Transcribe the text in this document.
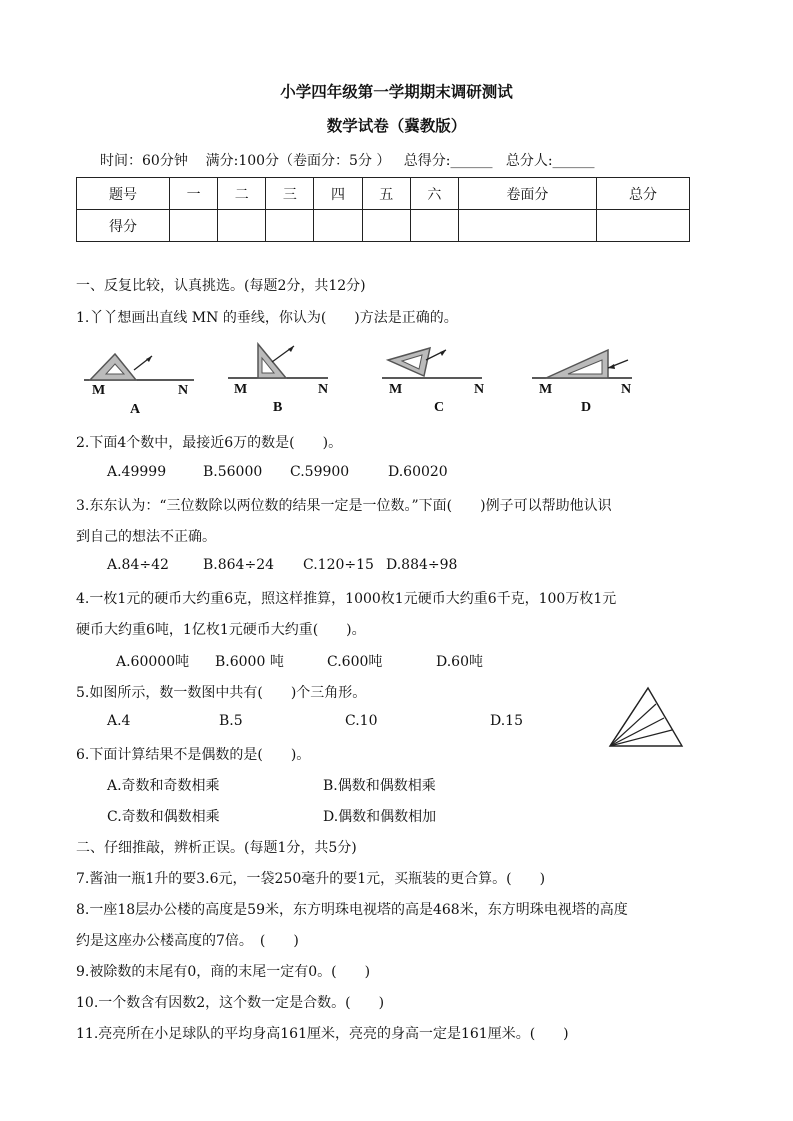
小学四年级第一学期期末调研测试
数学试卷（冀教版）
时间：60分钟    满分:100分（卷面分：5分 ）   总得分:______   总分人:______
题号	一	二	三	四	五	六	卷面分	总分
得分								
一、反复比较，认真挑选。(每题2分，共12分)
1.丫丫想画出直线 MN 的垂线，你认为(　　)方法是正确的。
M	N
A
M	N
B
M	N
C
M	N
D
2.下面4个数中，最接近6万的数是(　　)。
A.49999	B.56000 C.59900	D.60020
3.东东认为：“三位数除以两位数的结果一定是一位数。”下面(　　)例子可以帮助他认识
到自己的想法不正确。
A.84÷42 B.864÷24 C.120÷15 D.884÷98
4.一枚1元的硬币大约重6克，照这样推算，1000枚1元硬币大约重6千克，100万枚1元
硬币大约重6吨，1亿枚1元硬币大约重(　　)。
A.60000吨 B.6000 吨	C.600吨	D.60吨
5.如图所示，数一数图中共有(　　)个三角形。
A.4	B.5	C.10	D.15
6.下面计算结果不是偶数的是(　　)。
A.奇数和奇数相乘	B.偶数和偶数相乘
C.奇数和偶数相乘	D.偶数和偶数相加
二、仔细推敲，辨析正误。(每题1分，共5分)
7.酱油一瓶1升的要3.6元，一袋250毫升的要1元，买瓶装的更合算。(　　)
8.一座18层办公楼的高度是59米，东方明珠电视塔的高是468米，东方明珠电视塔的高度
约是这座办公楼高度的7倍。　(　　)
9.被除数的末尾有0，商的末尾一定有0。(　　)
10.一个数含有因数2，这个数一定是合数。(　　)
11.亮亮所在小足球队的平均身高161厘米，亮亮的身高一定是161厘米。(　　)
